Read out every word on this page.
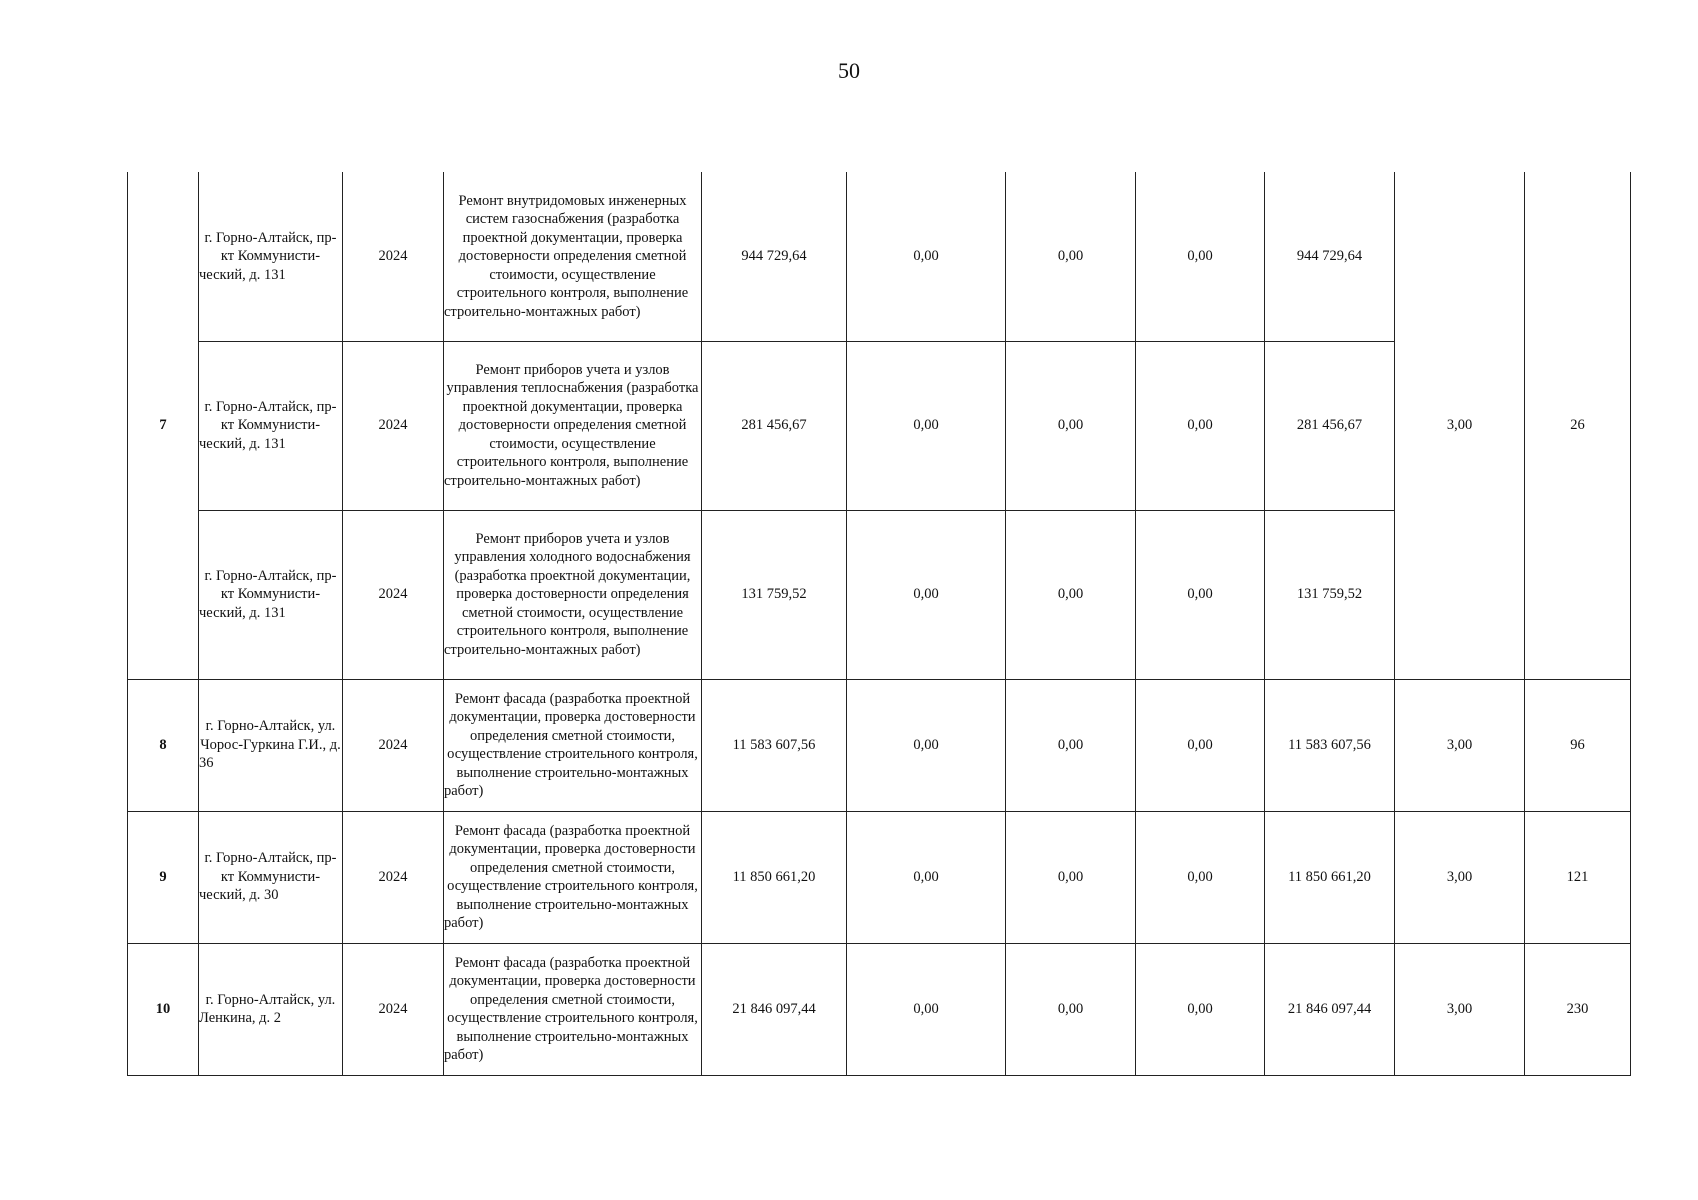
50
7	г. Горно-Алтайск, пр-кт Коммунисти-ческий, д. 131	2024	Ремонт внутридомовых инженерных систем газоснабжения (разработка проектной документации, проверка достоверности определения сметной стоимости, осуществление строительного контроля, выполнение строительно-монтажных работ)	944 729,64	0,00	0,00	0,00	944 729,64	3,00	26
	г. Горно-Алтайск, пр-кт Коммунисти-ческий, д. 131	2024	Ремонт приборов учета и узлов управления теплоснабжения (разработка проектной документации, проверка достоверности определения сметной стоимости, осуществление строительного контроля, выполнение строительно-монтажных работ)	281 456,67	0,00	0,00	0,00	281 456,67		
	г. Горно-Алтайск, пр-кт Коммунисти-ческий, д. 131	2024	Ремонт приборов учета и узлов управления холодного водоснабжения (разработка проектной документации, проверка достоверности определения сметной стоимости, осуществление строительного контроля, выполнение строительно-монтажных работ)	131 759,52	0,00	0,00	0,00	131 759,52		
8	г. Горно-Алтайск, ул. Чорос-Гуркина Г.И., д. 36	2024	Ремонт фасада (разработка проектной документации, проверка достоверности определения сметной стоимости, осуществление строительного контроля, выполнение строительно-монтажных работ)	11 583 607,56	0,00	0,00	0,00	11 583 607,56	3,00	96
9	г. Горно-Алтайск, пр-кт Коммунисти-ческий, д. 30	2024	Ремонт фасада (разработка проектной документации, проверка достоверности определения сметной стоимости, осуществление строительного контроля, выполнение строительно-монтажных работ)	11 850 661,20	0,00	0,00	0,00	11 850 661,20	3,00	121
10	г. Горно-Алтайск, ул. Ленкина, д. 2	2024	Ремонт фасада (разработка проектной документации, проверка достоверности определения сметной стоимости, осуществление строительного контроля, выполнение строительно-монтажных работ)	21 846 097,44	0,00	0,00	0,00	21 846 097,44	3,00	230
